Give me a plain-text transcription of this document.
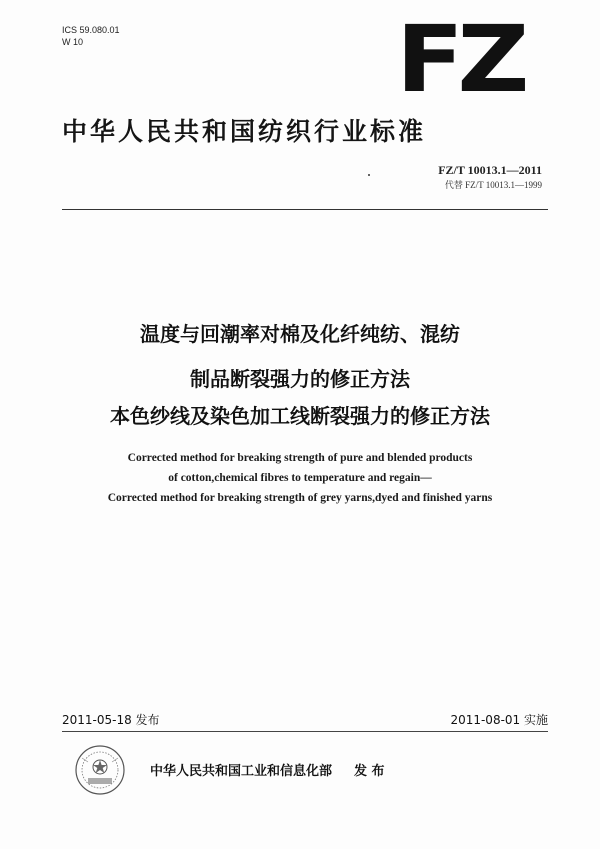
ICS 59.080.01
W 10	FZ
中华人民共和国纺织行业标准
FZ/T 10013.1—2011
代替 FZ/T 10013.1—1999
温度与回潮率对棉及化纤纯纺、混纺
制品断裂强力的修正方法
本色纱线及染色加工线断裂强力的修正方法
Corrected method for breaking strength of pure and blended products
of cotton,chemical fibres to temperature and regain—
Corrected method for breaking strength of grey yarns,dyed and finished yarns
2011-05-18 发布	2011-08-01 实施
中华人民共和国工业和信息化部 发 布
